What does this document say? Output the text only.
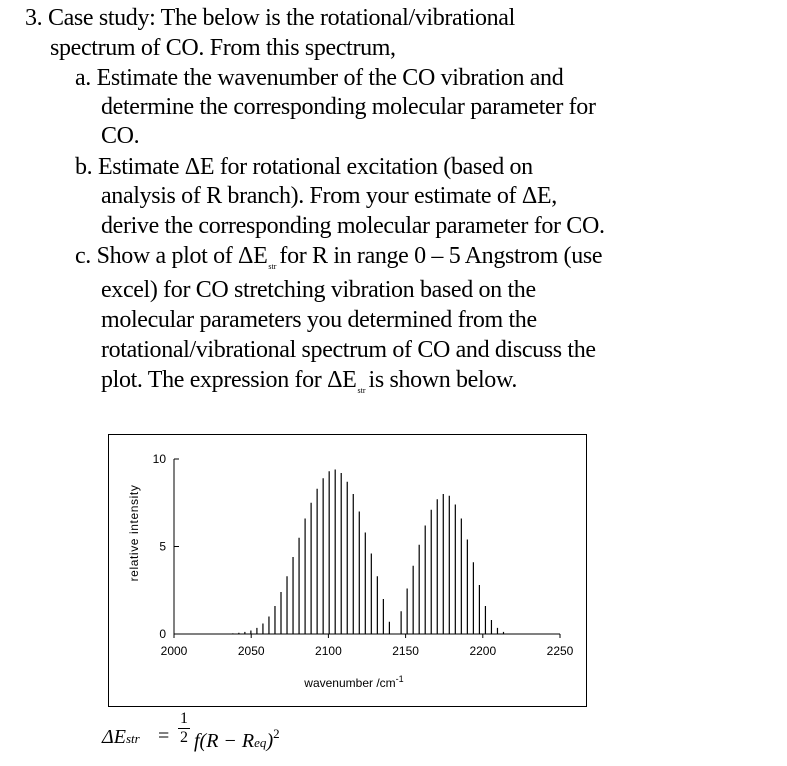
3. Case study: The below is the rotational/vibrational
spectrum of CO. From this spectrum,
a. Estimate the wavenumber of the CO vibration and
determine the corresponding molecular parameter for
CO.
b. Estimate ΔE for rotational excitation (based on
analysis of R branch). From your estimate of ΔE,
derive the corresponding molecular parameter for CO.
c. Show a plot of $\Delta E_{str}$ for R in range 0 – 5 Angstrom (use
excel) for CO stretching vibration based on the
molecular parameters you determined from the
rotational/vibrational spectrum of CO and discuss the
plot. The expression for $\Delta E_{str}$ is shown below.
relative intensity
wavenumber $/cm^{-1}$
10
5
0
2000	2050	2100	2150	2200	2250
ΔEstr =
1
2 f(R − Req)$^2$
